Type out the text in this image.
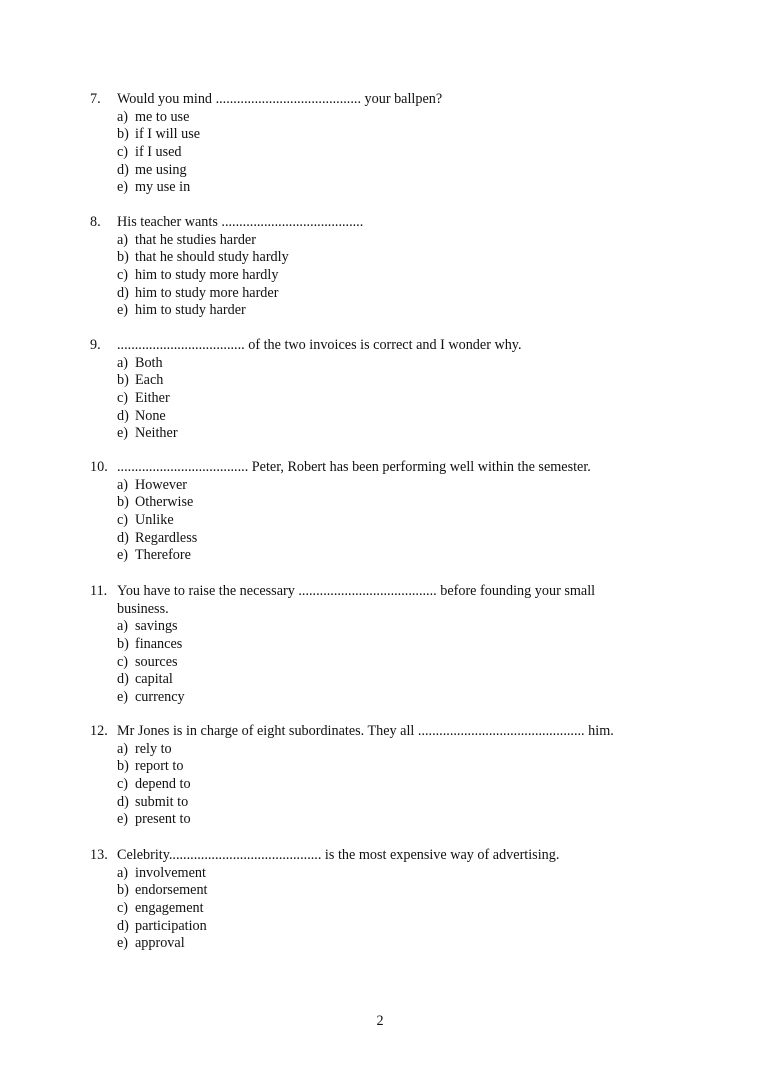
7.	Would you mind ......................................... your ballpen?
a) me to use
b) if I will use
c) if I used
d) me using
e) my use in
8.	His teacher wants ........................................
a) that he studies harder
b) that he should study hardly
c) him to study more hardly
d) him to study more harder
e) him to study harder
9.	.................................... of the two invoices is correct and I wonder why.
a) Both
b) Each
c) Either
d) None
e) Neither
10. ..................................... Peter, Robert has been performing well within the semester.
a) However
b) Otherwise
c) Unlike
d) Regardless
e) Therefore
11. You have to raise the necessary ....................................... before founding your small
business.
a) savings
b) finances
c) sources
d) capital
e) currency
12. Mr Jones is in charge of eight subordinates. They all ............................................... him.
a) rely to
b) report to
c) depend to
d) submit to
e) present to
13. Celebrity........................................... is the most expensive way of advertising.
a) involvement
b) endorsement
c) engagement
d) participation
e) approval
2
